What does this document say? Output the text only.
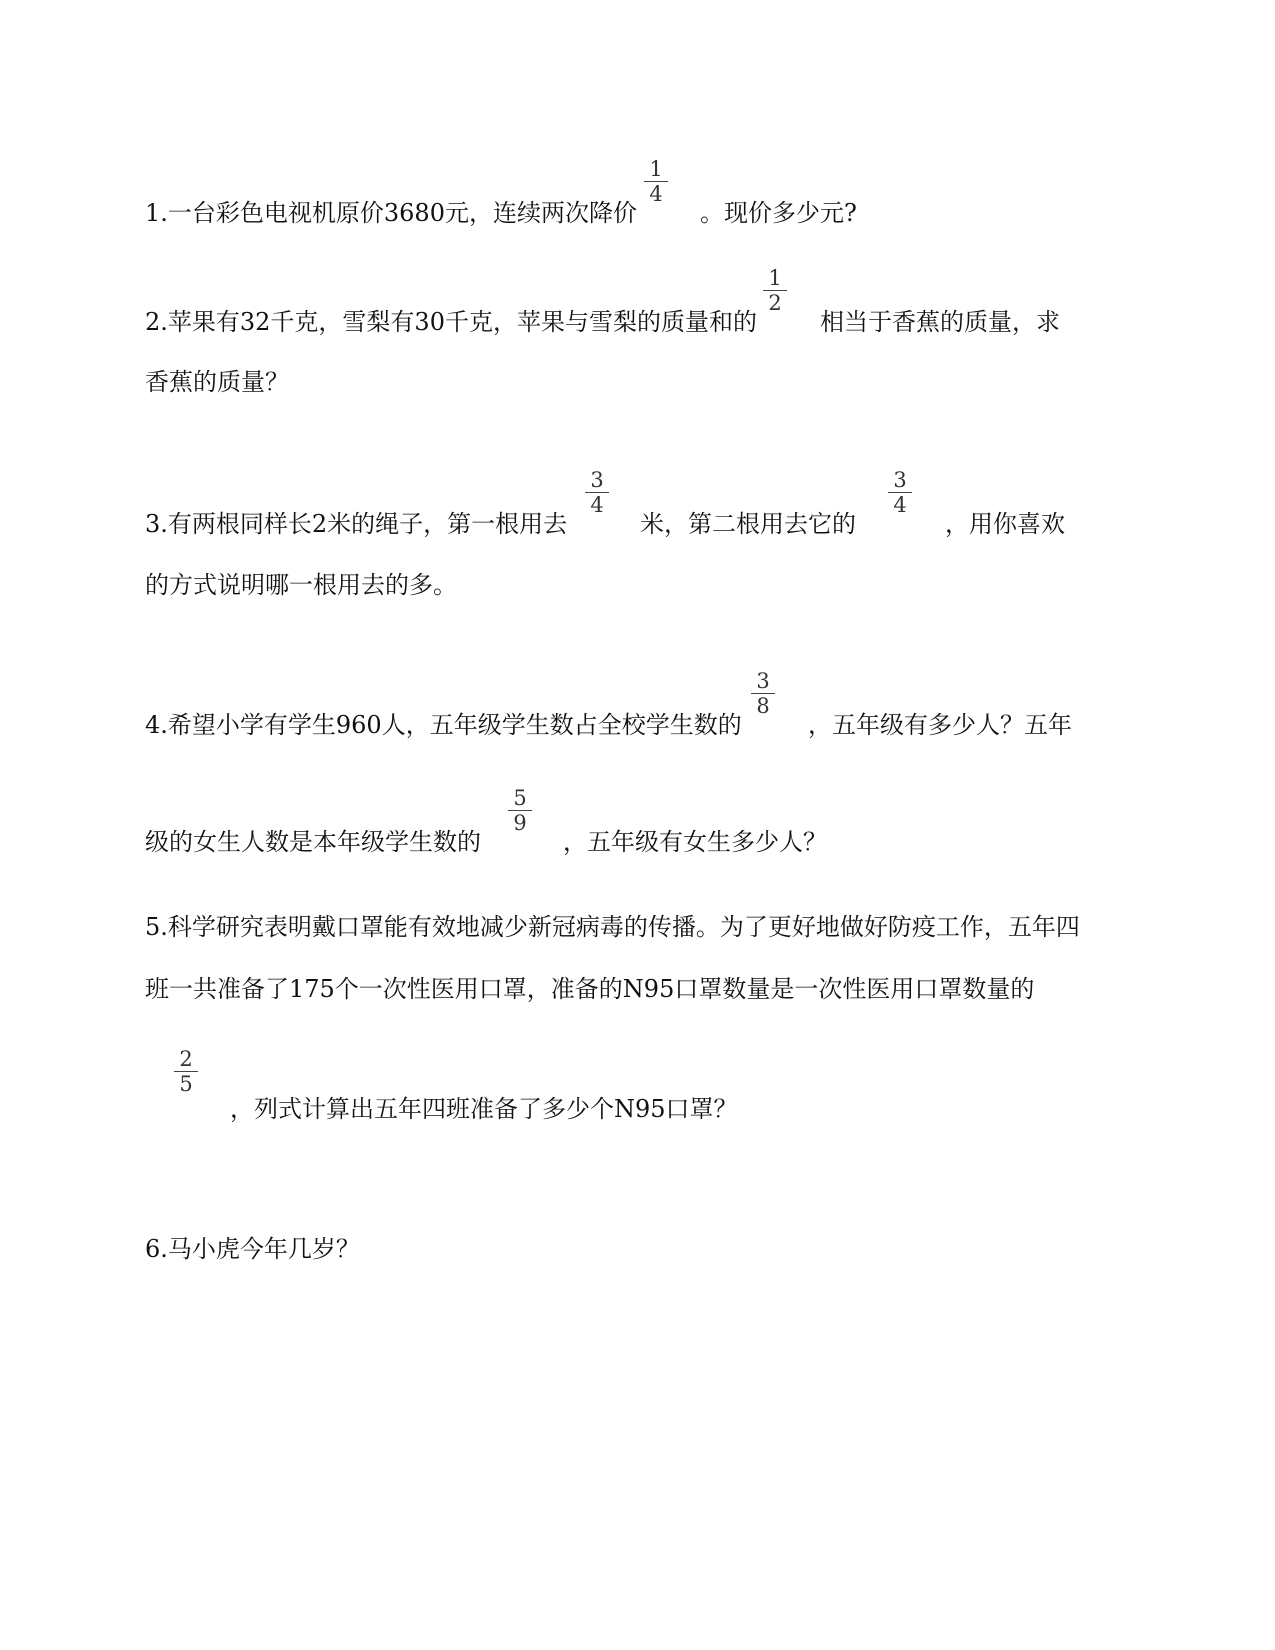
1.一台彩色电视机原价3680元，连续两次降价
1
4
。现价多少元?
2.苹果有32千克，雪梨有30千克，苹果与雪梨的质量和的
1
2
相当于香蕉的质量，求
香蕉的质量？
3.有两根同样长2米的绳子，第一根用去
3
4
米，第二根用去它的
3
4
，用你喜欢
的方式说明哪一根用去的多。
4.希望小学有学生960人，五年级学生数占全校学生数的
3
8
，五年级有多少人？五年
级的女生人数是本年级学生数的
5
9
，五年级有女生多少人？
5.科学研究表明戴口罩能有效地减少新冠病毒的传播。为了更好地做好防疫工作，五年四
班一共准备了175个一次性医用口罩，准备的N95口罩数量是一次性医用口罩数量的
2
5
，列式计算出五年四班准备了多少个N95口罩？
6.马小虎今年几岁？
